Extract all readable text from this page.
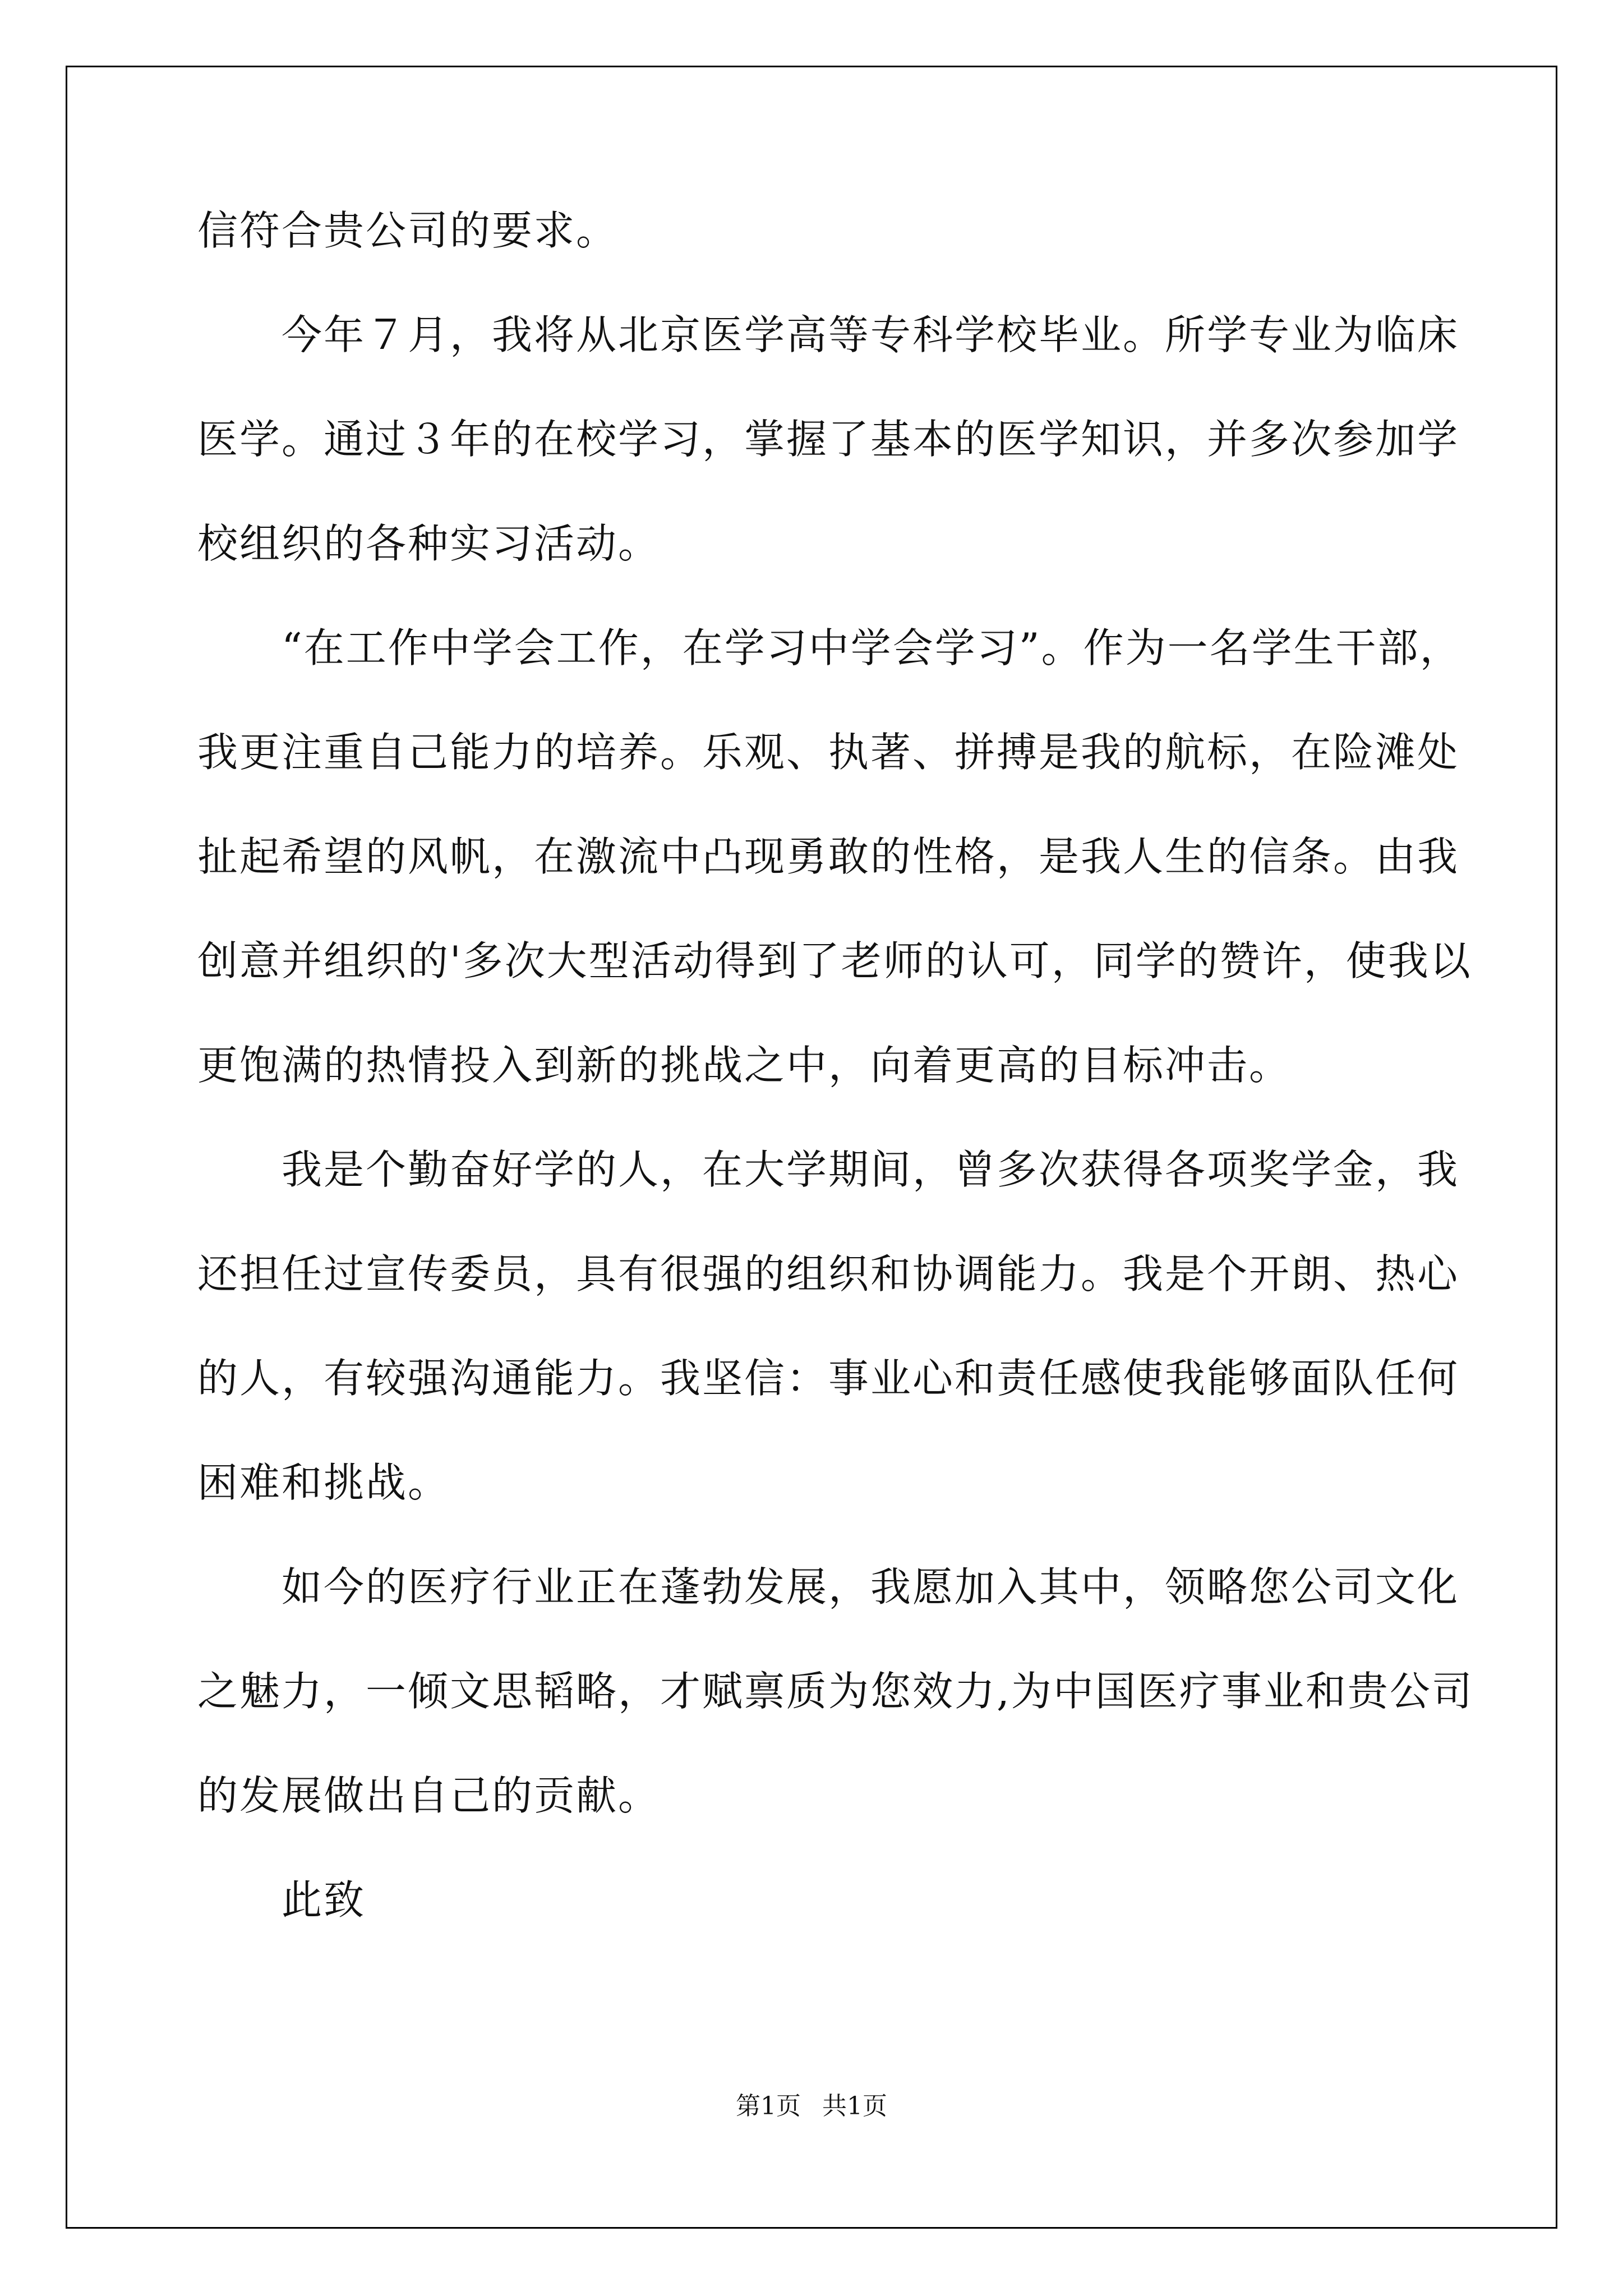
信符合贵公司的要求。
今年７月，我将从北京医学高等专科学校毕业。所学专业为临床
医学。通过３年的在校学习，掌握了基本的医学知识，并多次参加学
校组织的各种实习活动。
“在工作中学会工作，在学习中学会学习”。作为一名学生干部，
我更注重自己能力的培养。乐观、执著、拼搏是我的航标，在险滩处
扯起希望的风帆，在激流中凸现勇敢的性格，是我人生的信条。由我
创意并组织的'多次大型活动得到了老师的认可，同学的赞许，使我以
更饱满的热情投入到新的挑战之中，向着更高的目标冲击。
我是个勤奋好学的人，在大学期间，曾多次获得各项奖学金，我
还担任过宣传委员，具有很强的组织和协调能力。我是个开朗、热心
的人，有较强沟通能力。我坚信：事业心和责任感使我能够面队任何
困难和挑战。
如今的医疗行业正在蓬勃发展，我愿加入其中，领略您公司文化
之魅力，一倾文思韬略，才赋禀质为您效力,为中国医疗事业和贵公司
的发展做出自己的贡献。
此致
第1页 共1页
